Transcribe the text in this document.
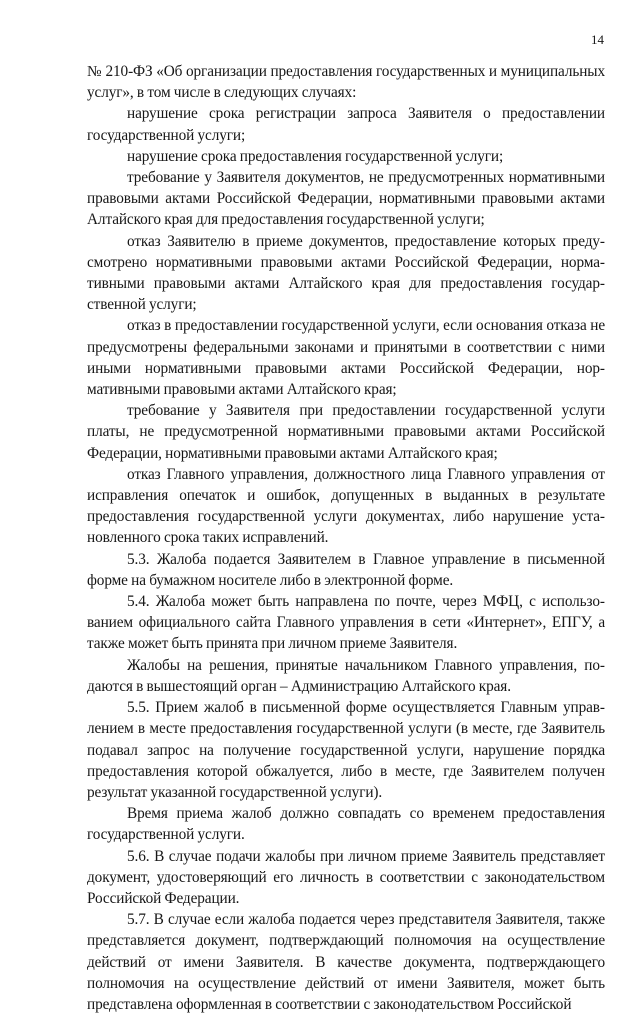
14

№ 210-ФЗ «Об организации предоставления государственных и муниципальных услуг», в том числе в следующих случаях:

нарушение срока регистрации запроса Заявителя о предоставлении государственной услуги;

нарушение срока предоставления государственной услуги;

требование у Заявителя документов, не предусмотренных нормативными правовыми актами Российской Федерации, нормативными правовыми актами Алтайского края для предоставления государственной услуги;

отказ Заявителю в приеме документов, предоставление которых предусмотрено нормативными правовыми актами Российской Федерации, нормативными правовыми актами Алтайского края для предоставления государственной услуги;

отказ в предоставлении государственной услуги, если основания отказа не предусмотрены федеральными законами и принятыми в соответствии с ними иными нормативными правовыми актами Российской Федерации, нормативными правовыми актами Алтайского края;

требование у Заявителя при предоставлении государственной услуги платы, не предусмотренной нормативными правовыми актами Российской Федерации, нормативными правовыми актами Алтайского края;

отказ Главного управления, должностного лица Главного управления от исправления опечаток и ошибок, допущенных в выданных в результате предоставления государственной услуги документах, либо нарушение установленного срока таких исправлений.

5.3. Жалоба подается Заявителем в Главное управление в письменной форме на бумажном носителе либо в электронной форме.

5.4. Жалоба может быть направлена по почте, через МФЦ, с использованием официального сайта Главного управления в сети «Интернет», ЕПГУ, а также может быть принята при личном приеме Заявителя.

Жалобы на решения, принятые начальником Главного управления, подаются в вышестоящий орган – Администрацию Алтайского края.

5.5. Прием жалоб в письменной форме осуществляется Главным управлением в месте предоставления государственной услуги (в месте, где Заявитель подавал запрос на получение государственной услуги, нарушение порядка предоставления которой обжалуется, либо в месте, где Заявителем получен результат указанной государственной услуги).

Время приема жалоб должно совпадать со временем предоставления государственной услуги.

5.6. В случае подачи жалобы при личном приеме Заявитель представляет документ, удостоверяющий его личность в соответствии с законодательством Российской Федерации.

5.7. В случае если жалоба подается через представителя Заявителя, также представляется документ, подтверждающий полномочия на осуществление действий от имени Заявителя. В качестве документа, подтверждающего полномочия на осуществление действий от имени Заявителя, может быть представлена оформленная в соответствии с законодательством Российской
